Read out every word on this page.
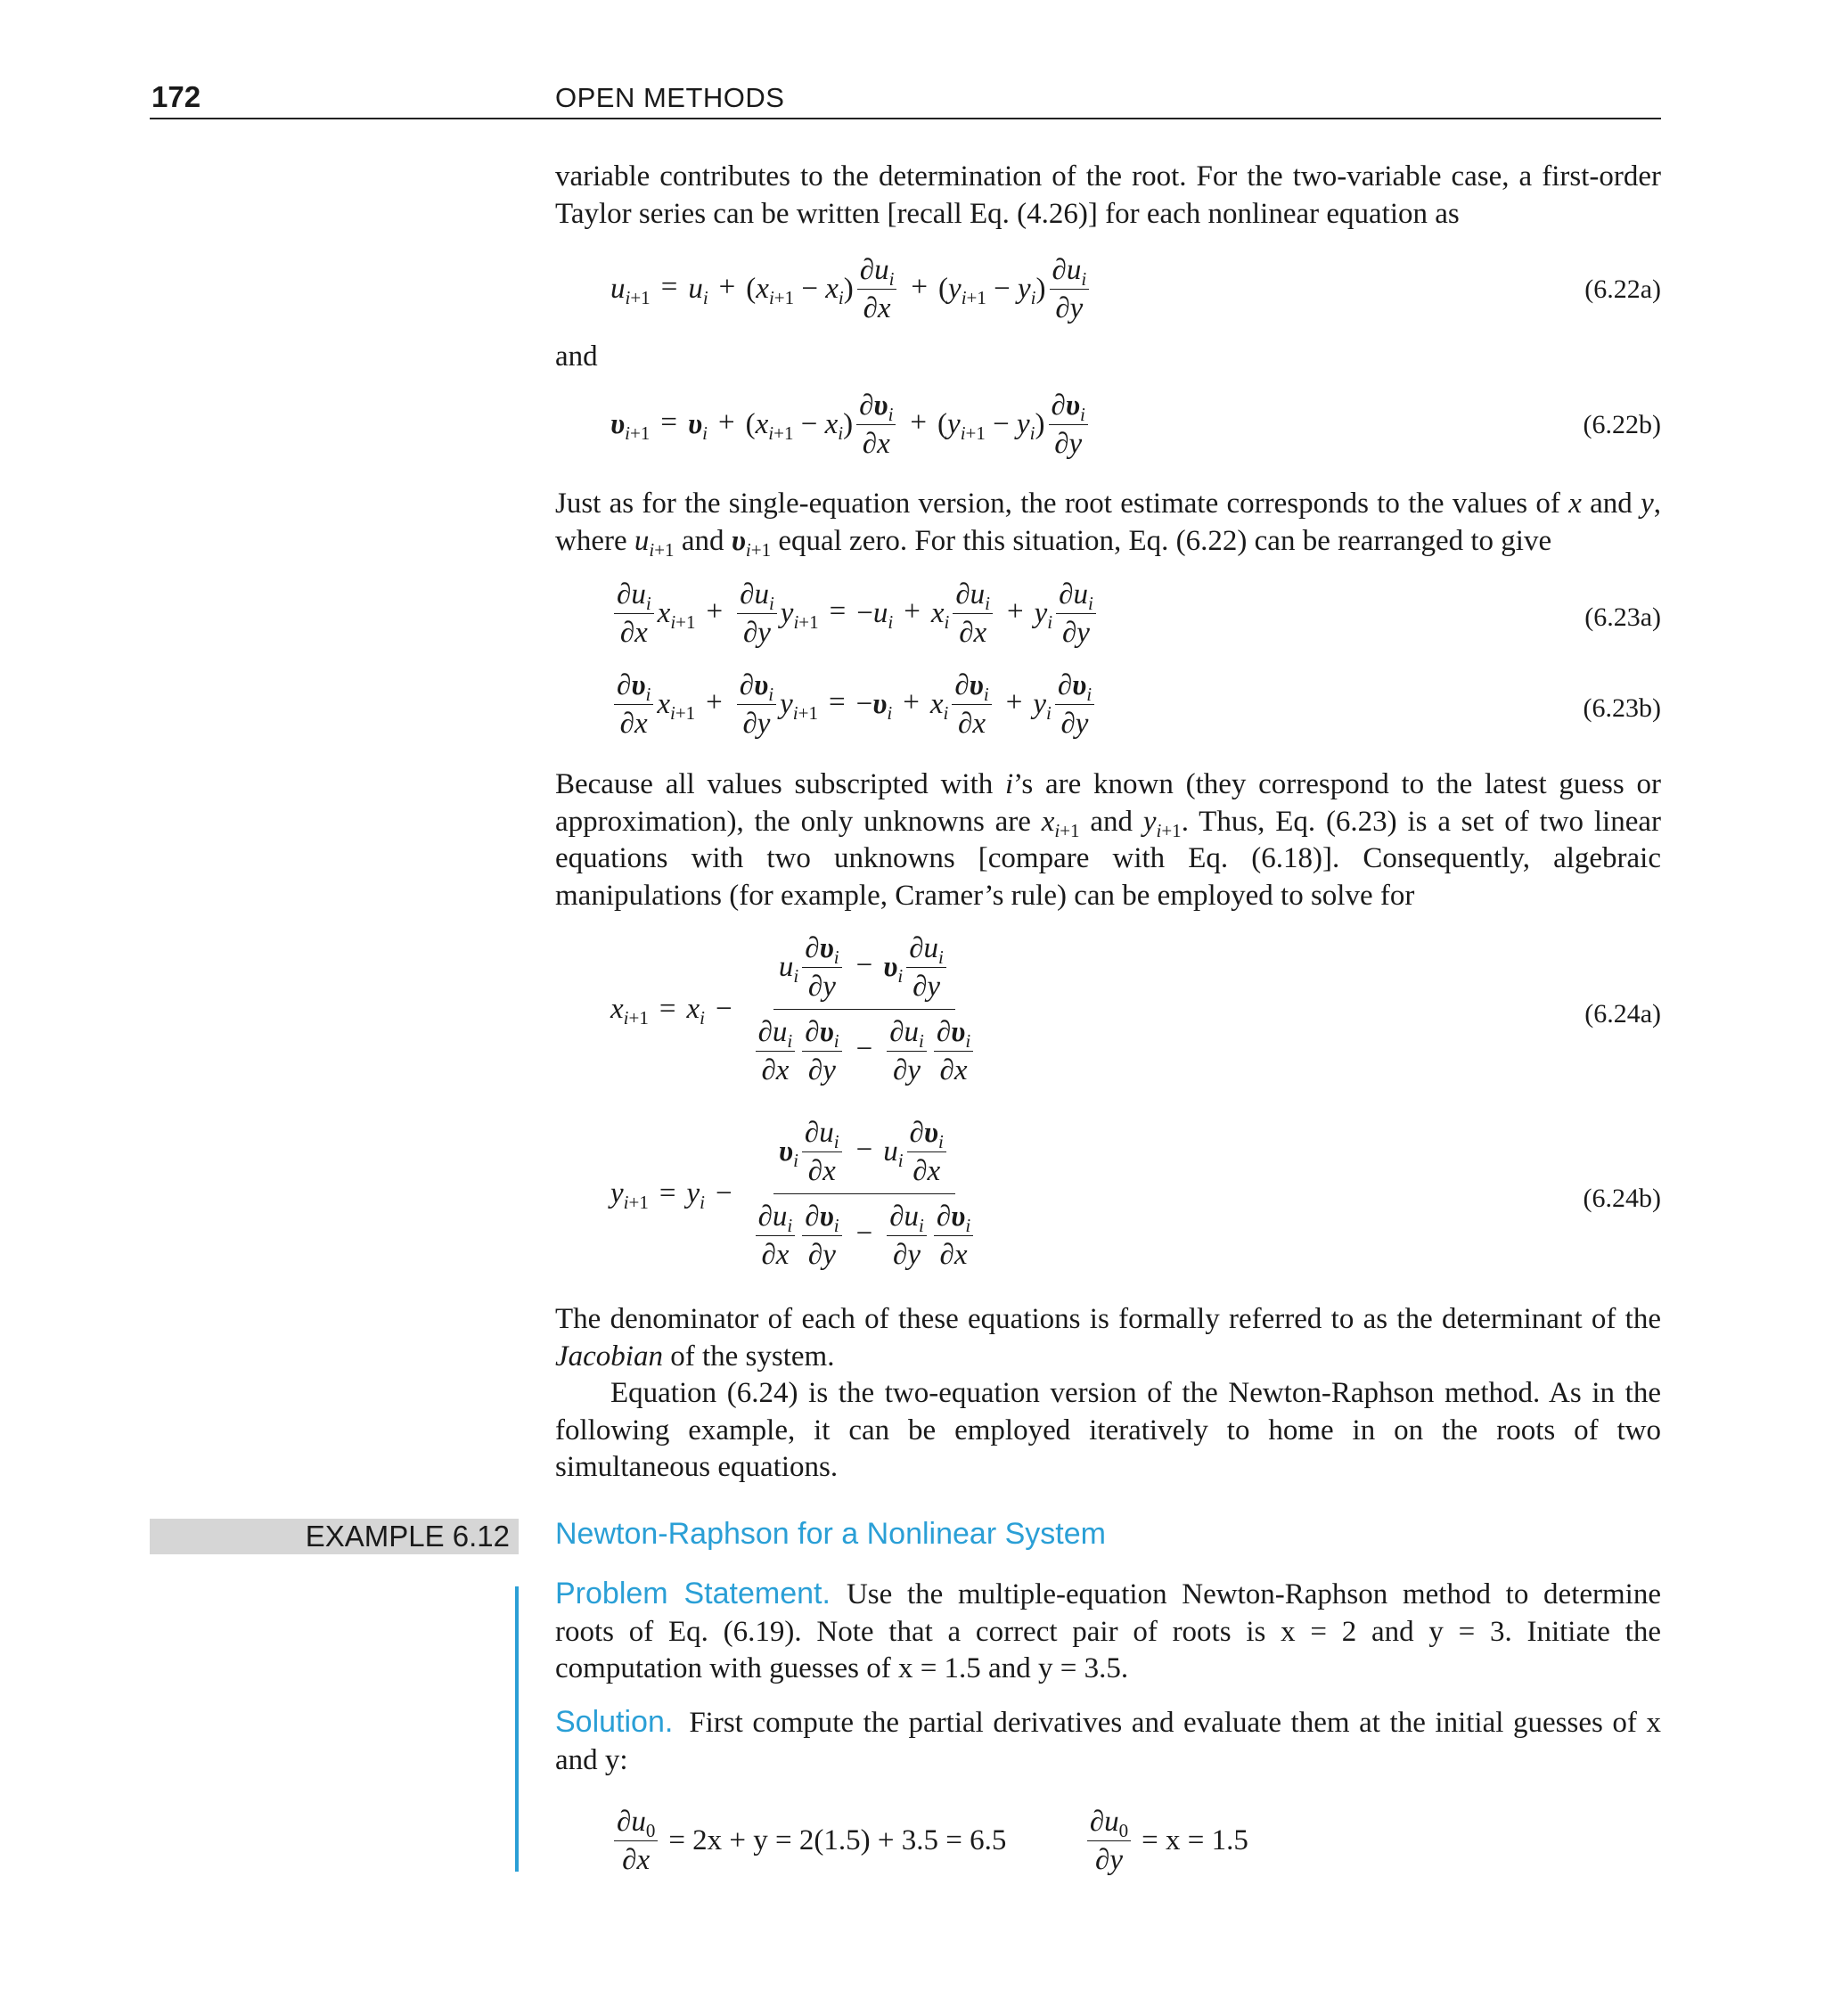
172	OPEN METHODS
variable contributes to the determination of the root. For the two-variable case, a first-order Taylor series can be written [recall Eq. (4.26)] for each nonlinear equation as
$u_{i+1} = u_i + (x_{i+1} - x_i) \frac{\partial u_i}{\partial x} + (y_{i+1} - y_i) \frac{\partial u_i}{\partial y}$	(6.22a)
and
$\upsilon_{i+1} = \upsilon_i + (x_{i+1} - x_i) \frac{\partial\upsilon_i}{\partial x} + (y_{i+1} - y_i) \frac{\partial\upsilon_i}{\partial y}$	(6.22b)
Just as for the single-equation version, the root estimate corresponds to the values of x and y, where $u_{i+1}$ and $\upsilon_{i+1}$ equal zero. For this situation, Eq. (6.22) can be rearranged to give
$\frac{\partial u_i}{\partial x} x_{i+1} + \frac{\partial u_i}{\partial y} y_{i+1} = -u_i + x_i \frac{\partial u_i}{\partial x} + y_i \frac{\partial u_i}{\partial y}$	(6.23a)
$\frac{\partial\upsilon_i}{\partial x} x_{i+1} + \frac{\partial\upsilon_i}{\partial y} y_{i+1} = -\upsilon_i + x_i \frac{\partial\upsilon_i}{\partial x} + y_i \frac{\partial\upsilon_i}{\partial y}$	(6.23b)
Because all values subscripted with i’s are known (they correspond to the latest guess or approximation), the only unknowns are $x_{i+1}$ and $y_{i+1}$. Thus, Eq. (6.23) is a set of two linear equations with two unknowns [compare with Eq. (6.18)]. Consequently, algebraic manipulations (for example, Cramer’s rule) can be employed to solve for
$x_{i+1} = x_i - \frac{u_i \frac{\partial\upsilon_i}{\partial y} - \upsilon_i \frac{\partial u_i}{\partial y}}{\frac{\partial u_i}{\partial x} \frac{\partial\upsilon_i}{\partial y} - \frac{\partial u_i}{\partial y} \frac{\partial\upsilon_i}{\partial x}}$	(6.24a)
$y_{i+1} = y_i - \frac{\upsilon_i \frac{\partial u_i}{\partial x} - u_i \frac{\partial\upsilon_i}{\partial x}}{\frac{\partial u_i}{\partial x} \frac{\partial\upsilon_i}{\partial y} - \frac{\partial u_i}{\partial y} \frac{\partial\upsilon_i}{\partial x}}$	(6.24b)
The denominator of each of these equations is formally referred to as the determinant of the Jacobian of the system.
Equation (6.24) is the two-equation version of the Newton-Raphson method. As in the following example, it can be employed iteratively to home in on the roots of two simultaneous equations.
EXAMPLE 6.12 Newton-Raphson for a Nonlinear System
Problem Statement. Use the multiple-equation Newton-Raphson method to determine roots of Eq. (6.19). Note that a correct pair of roots is x = 2 and y = 3. Initiate the computation with guesses of x = 1.5 and y = 3.5.
Solution. First compute the partial derivatives and evaluate them at the initial guesses of x and y:
$\frac{\partial u_0}{\partial x} = 2x + y = 2(1.5) + 3.5 = 6.5$	$\frac{\partial u_0}{\partial y} = x = 1.5$
